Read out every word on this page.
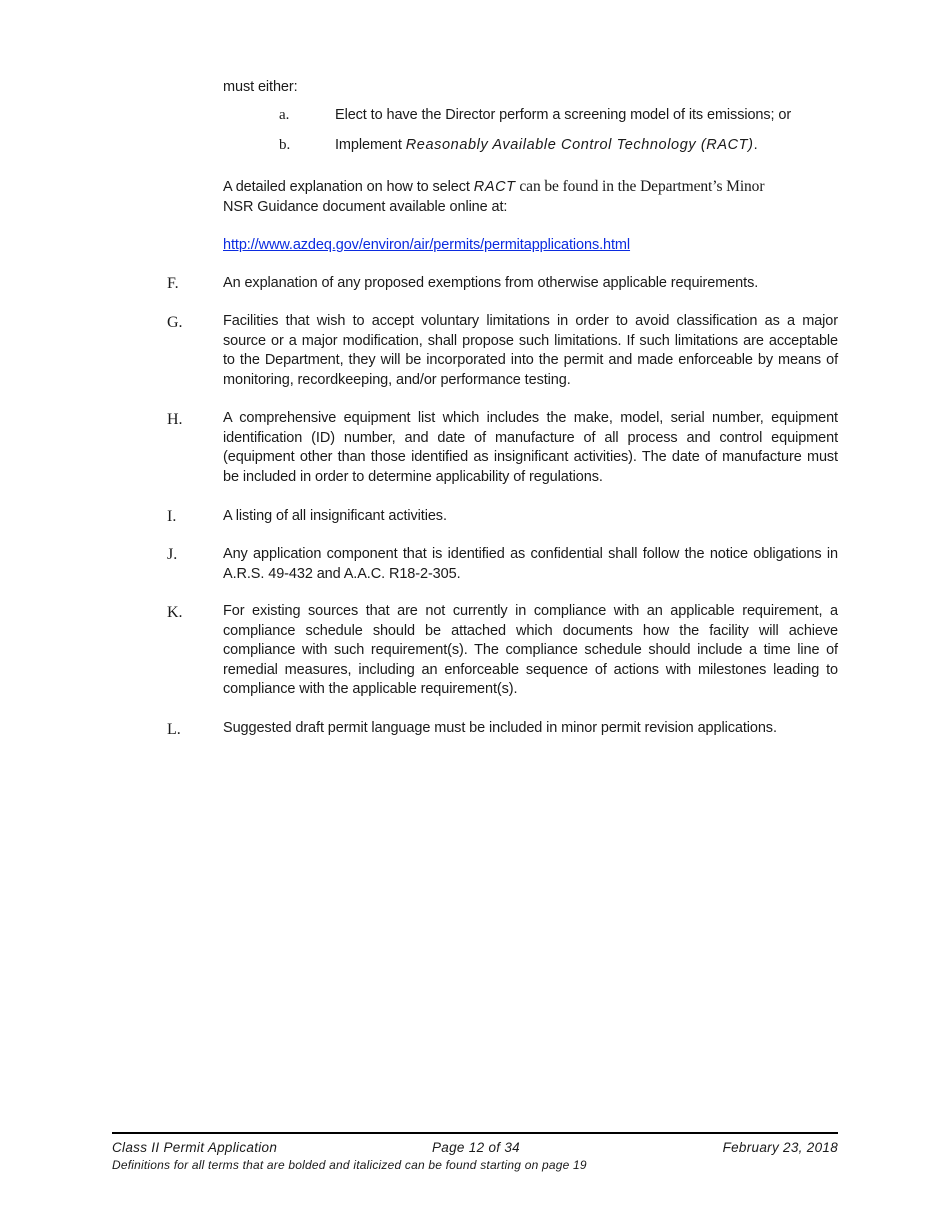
must either:
a.	Elect to have the Director perform a screening model of its emissions; or
b.	Implement Reasonably Available Control Technology (RACT).
A detailed explanation on how to select RACT can be found in the Department’s Minor
NSR Guidance document available online at:
http://www.azdeq.gov/environ/air/permits/permitapplications.html
F.	An explanation of any proposed exemptions from otherwise applicable requirements.
G.	Facilities that wish to accept voluntary limitations in order to avoid classification as a major source or a major modification, shall propose such limitations. If such limitations are acceptable to the Department, they will be incorporated into the permit and made enforceable by means of monitoring, recordkeeping, and/or performance testing.
H.	A comprehensive equipment list which includes the make, model, serial number, equipment identification (ID) number, and date of manufacture of all process and control equipment (equipment other than those identified as insignificant activities). The date of manufacture must be included in order to determine applicability of regulations.
I.	A listing of all insignificant activities.
J.	Any application component that is identified as confidential shall follow the notice obligations in A.R.S. 49-432 and A.A.C. R18-2-305.
K.	For existing sources that are not currently in compliance with an applicable requirement, a compliance schedule should be attached which documents how the facility will achieve compliance with such requirement(s). The compliance schedule should include a time line of remedial measures, including an enforceable sequence of actions with milestones leading to compliance with the applicable requirement(s).
L.	Suggested draft permit language must be included in minor permit revision applications.
Class II Permit Application	Page 12 of 34	February 23, 2018
Definitions for all terms that are bolded and italicized can be found starting on page 19
